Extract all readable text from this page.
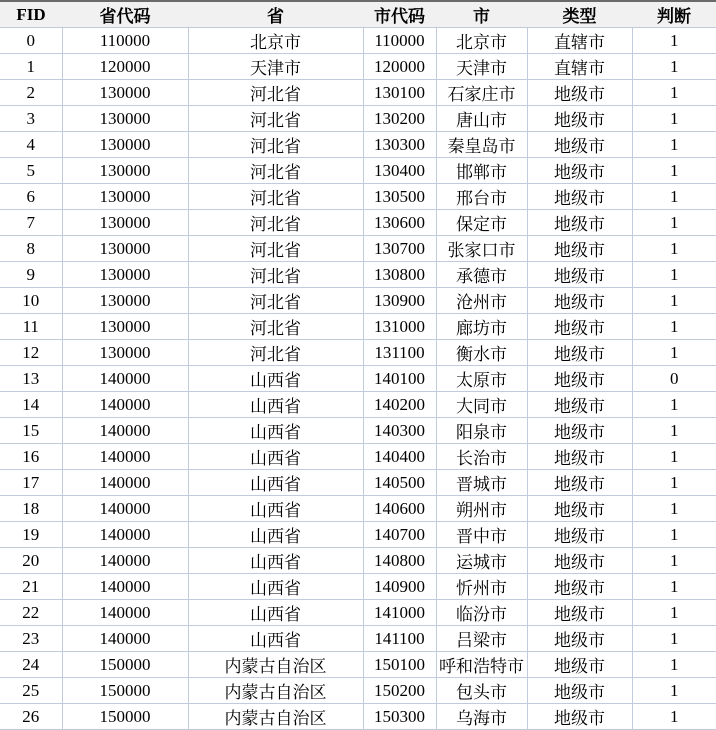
FID	省代码	省	市代码	市	类型	判断
0	110000	北京市	110000	北京市	直辖市	1
1	120000	天津市	120000	天津市	直辖市	1
2	130000	河北省	130100	石家庄市	地级市	1
3	130000	河北省	130200	唐山市	地级市	1
4	130000	河北省	130300	秦皇岛市	地级市	1
5	130000	河北省	130400	邯郸市	地级市	1
6	130000	河北省	130500	邢台市	地级市	1
7	130000	河北省	130600	保定市	地级市	1
8	130000	河北省	130700	张家口市	地级市	1
9	130000	河北省	130800	承德市	地级市	1
10	130000	河北省	130900	沧州市	地级市	1
11	130000	河北省	131000	廊坊市	地级市	1
12	130000	河北省	131100	衡水市	地级市	1
13	140000	山西省	140100	太原市	地级市	0
14	140000	山西省	140200	大同市	地级市	1
15	140000	山西省	140300	阳泉市	地级市	1
16	140000	山西省	140400	长治市	地级市	1
17	140000	山西省	140500	晋城市	地级市	1
18	140000	山西省	140600	朔州市	地级市	1
19	140000	山西省	140700	晋中市	地级市	1
20	140000	山西省	140800	运城市	地级市	1
21	140000	山西省	140900	忻州市	地级市	1
22	140000	山西省	141000	临汾市	地级市	1
23	140000	山西省	141100	吕梁市	地级市	1
24	150000	内蒙古自治区	150100	呼和浩特市	地级市	1
25	150000	内蒙古自治区	150200	包头市	地级市	1
26	150000	内蒙古自治区	150300	乌海市	地级市	1
